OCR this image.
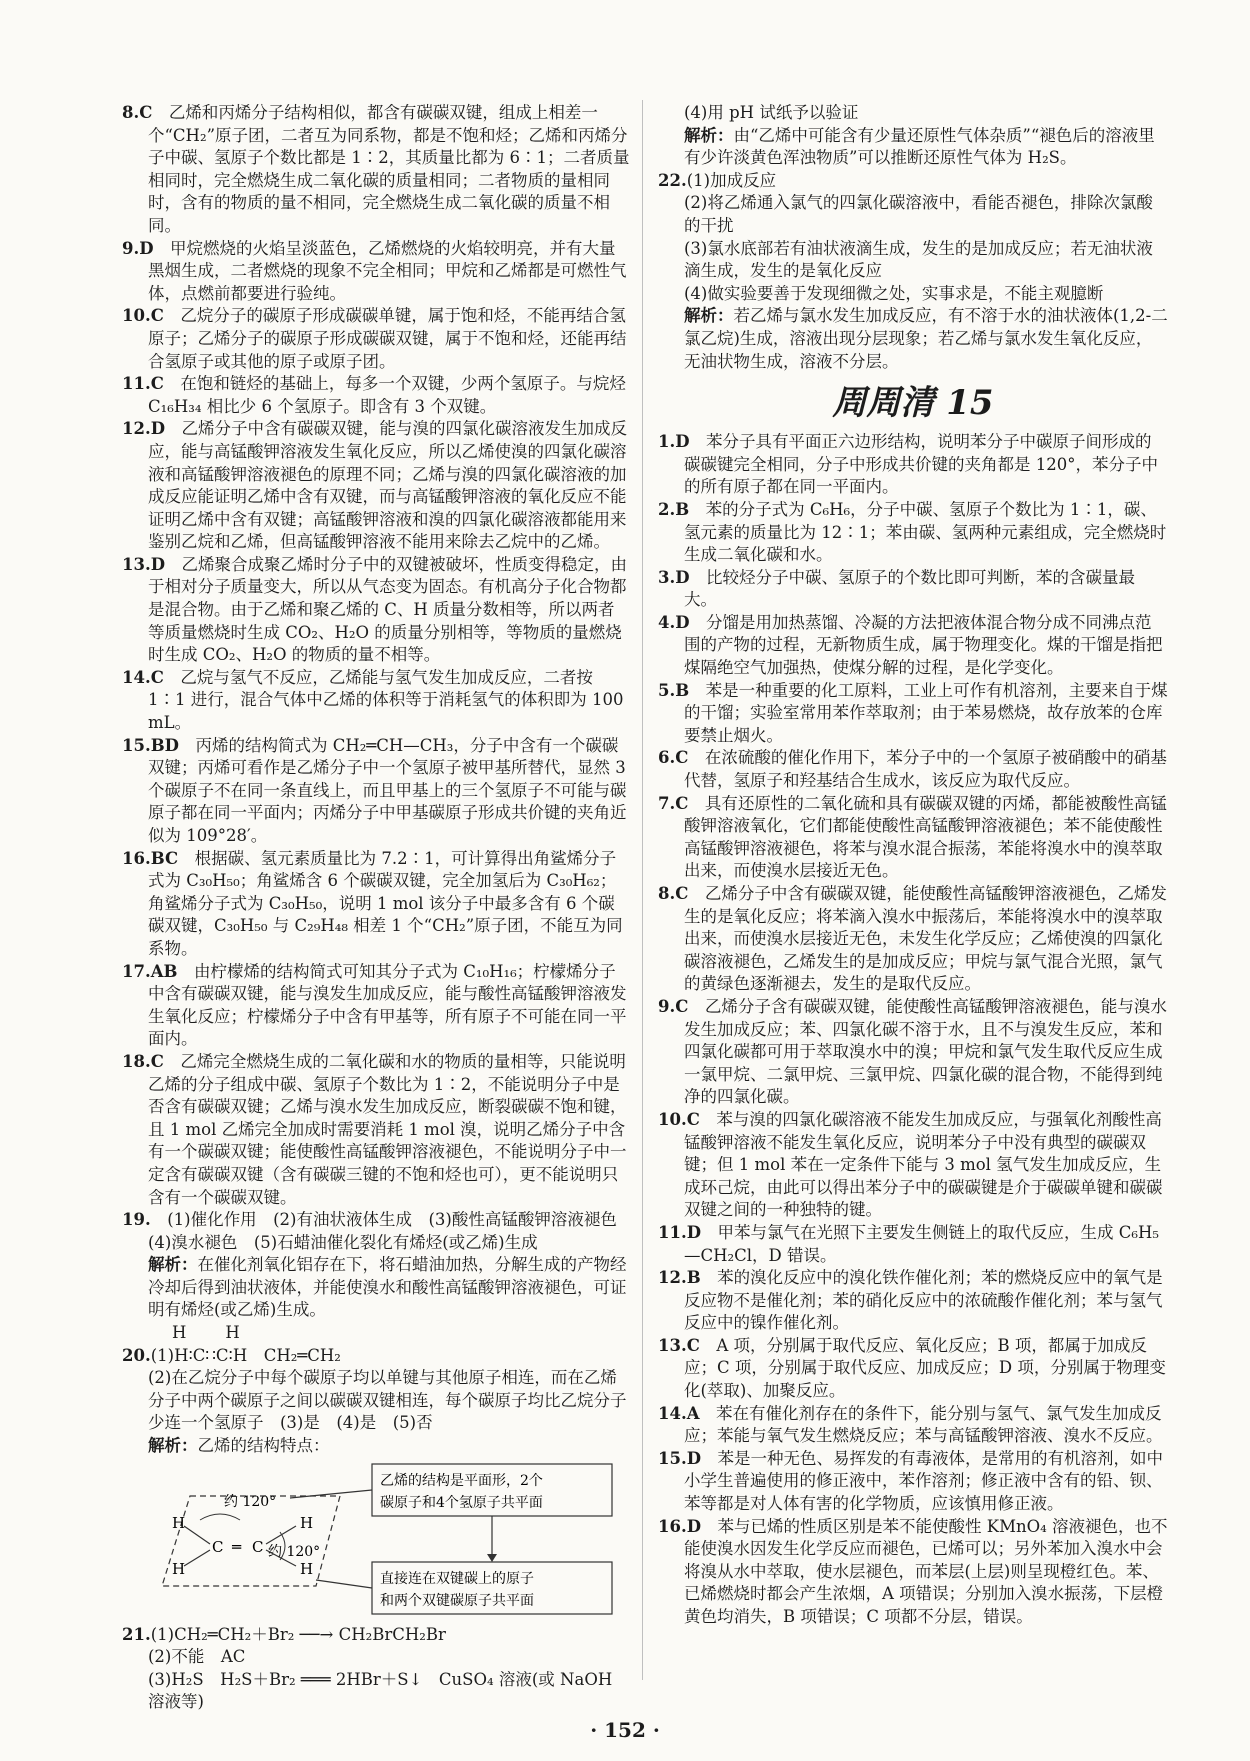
8.C　 乙烯和丙烯分子结构相似，都含有碳碳双键，组成上相差一个“CH₂”原子团，二者互为同系物，都是不饱和烃；乙烯和丙烯分子中碳、氢原子个数比都是 1∶2，其质量比都为 6∶1；二者质量相同时，完全燃烧生成二氧化碳的质量相同；二者物质的量相同时，含有的物质的量不相同，完全燃烧生成二氧化碳的质量不相同。

9.D　 甲烷燃烧的火焰呈淡蓝色，乙烯燃烧的火焰较明亮，并有大量黑烟生成，二者燃烧的现象不完全相同；甲烷和乙烯都是可燃性气体，点燃前都要进行验纯。

10.C　 乙烷分子的碳原子形成碳碳单键，属于饱和烃，不能再结合氢原子；乙烯分子的碳原子形成碳碳双键，属于不饱和烃，还能再结合氢原子或其他的原子或原子团。

11.C　 在饱和链烃的基础上，每多一个双键，少两个氢原子。与烷烃 C₁₆H₃₄ 相比少 6 个氢原子。即含有 3 个双键。

12.D　 乙烯分子中含有碳碳双键，能与溴的四氯化碳溶液发生加成反应，能与高锰酸钾溶液发生氧化反应，所以乙烯使溴的四氯化碳溶液和高锰酸钾溶液褪色的原理不同；乙烯与溴的四氯化碳溶液的加成反应能证明乙烯中含有双键，而与高锰酸钾溶液的氧化反应不能证明乙烯中含有双键；高锰酸钾溶液和溴的四氯化碳溶液都能用来鉴别乙烷和乙烯，但高锰酸钾溶液不能用来除去乙烷中的乙烯。

13.D　 乙烯聚合成聚乙烯时分子中的双键被破坏，性质变得稳定，由于相对分子质量变大，所以从气态变为固态。有机高分子化合物都是混合物。由于乙烯和聚乙烯的 C、H 质量分数相等，所以两者等质量燃烧时生成 CO₂、H₂O 的质量分别相等，等物质的量燃烧时生成 CO₂、H₂O 的物质的量不相等。

14.C　 乙烷与氢气不反应，乙烯能与氢气发生加成反应，二者按 1∶1 进行，混合气体中乙烯的体积等于消耗氢气的体积即为 100 mL。

15.BD　 丙烯的结构简式为 CH₂═CH—CH₃，分子中含有一个碳碳双键；丙烯可看作是乙烯分子中一个氢原子被甲基所替代，显然 3 个碳原子不在同一条直线上，而且甲基上的三个氢原子不可能与碳原子都在同一平面内；丙烯分子中甲基碳原子形成共价键的夹角近似为 109°28′。

16.BC　 根据碳、氢元素质量比为 7.2∶1，可计算得出角鲨烯分子式为 C₃₀H₅₀；角鲨烯含 6 个碳碳双键，完全加氢后为 C₃₀H₆₂；角鲨烯分子式为 C₃₀H₅₀，说明 1 mol 该分子中最多含有 6 个碳碳双键，C₃₀H₅₀ 与 C₂₉H₄₈ 相差 1 个“CH₂”原子团，不能互为同系物。

17.AB　 由柠檬烯的结构简式可知其分子式为 C₁₀H₁₆；柠檬烯分子中含有碳碳双键，能与溴发生加成反应，能与酸性高锰酸钾溶液发生氧化反应；柠檬烯分子中含有甲基等，所有原子不可能在同一平面内。

18.C　 乙烯完全燃烧生成的二氧化碳和水的物质的量相等，只能说明乙烯的分子组成中碳、氢原子个数比为 1∶2，不能说明分子中是否含有碳碳双键；乙烯与溴水发生加成反应，断裂碳碳不饱和键，且 1 mol 乙烯完全加成时需要消耗 1 mol 溴，说明乙烯分子中含有一个碳碳双键；能使酸性高锰酸钾溶液褪色，不能说明分子中一定含有碳碳双键（含有碳碳三键的不饱和烃也可），更不能说明只含有一个碳碳双键。

19.　 (1)催化作用　(2)有油状液体生成　(3)酸性高锰酸钾溶液褪色　(4)溴水褪色　(5)石蜡油催化裂化有烯烃(或乙烯)生成

解析：在催化剂氧化铝存在下，将石蜡油加热，分解生成的产物经冷却后得到油状液体，并能使溴水和酸性高锰酸钾溶液褪色，可证明有烯烃(或乙烯)生成。

H　　H

20.(1)H∶C∷C∶H　CH₂═CH₂

(2)在乙烷分子中每个碳原子均以单键与其他原子相连，而在乙烯分子中两个碳原子之间以碳碳双键相连，每个碳原子均比乙烷分子少连一个氢原子　(3)是　(4)是　(5)否

解析：乙烯的结构特点：

约 120°
约 120°
H
H
H
H
C ═ C
乙烯的结构是平面形，2个
碳原子和4个氢原子共平面
直接连在双键碳上的原子
和两个双键碳原子共平面

21.(1)CH₂═CH₂＋Br₂ ──→ CH₂BrCH₂Br

(2)不能　AC

(3)H₂S　H₂S＋Br₂ ═══ 2HBr＋S↓　CuSO₄ 溶液(或 NaOH 溶液等)

(4)用 pH 试纸予以验证

解析：由“乙烯中可能含有少量还原性气体杂质”“褪色后的溶液里有少许淡黄色浑浊物质”可以推断还原性气体为 H₂S。

22.(1)加成反应

(2)将乙烯通入氯气的四氯化碳溶液中，看能否褪色，排除次氯酸的干扰

(3)氯水底部若有油状液滴生成，发生的是加成反应；若无油状液滴生成，发生的是氧化反应

(4)做实验要善于发现细微之处，实事求是，不能主观臆断

解析：若乙烯与氯水发生加成反应，有不溶于水的油状液体(1,2-二氯乙烷)生成，溶液出现分层现象；若乙烯与氯水发生氧化反应，无油状物生成，溶液不分层。

周周清 15

1.D　 苯分子具有平面正六边形结构，说明苯分子中碳原子间形成的碳碳键完全相同，分子中形成共价键的夹角都是 120°，苯分子中的所有原子都在同一平面内。

2.B　 苯的分子式为 C₆H₆，分子中碳、氢原子个数比为 1∶1，碳、氢元素的质量比为 12∶1；苯由碳、氢两种元素组成，完全燃烧时生成二氧化碳和水。

3.D　 比较烃分子中碳、氢原子的个数比即可判断，苯的含碳量最大。

4.D　 分馏是用加热蒸馏、冷凝的方法把液体混合物分成不同沸点范围的产物的过程，无新物质生成，属于物理变化。煤的干馏是指把煤隔绝空气加强热，使煤分解的过程，是化学变化。

5.B　 苯是一种重要的化工原料，工业上可作有机溶剂，主要来自于煤的干馏；实验室常用苯作萃取剂；由于苯易燃烧，故存放苯的仓库要禁止烟火。

6.C　 在浓硫酸的催化作用下，苯分子中的一个氢原子被硝酸中的硝基代替，氢原子和羟基结合生成水，该反应为取代反应。

7.C　 具有还原性的二氧化硫和具有碳碳双键的丙烯，都能被酸性高锰酸钾溶液氧化，它们都能使酸性高锰酸钾溶液褪色；苯不能使酸性高锰酸钾溶液褪色，将苯与溴水混合振荡，苯能将溴水中的溴萃取出来，而使溴水层接近无色。

8.C　 乙烯分子中含有碳碳双键，能使酸性高锰酸钾溶液褪色，乙烯发生的是氧化反应；将苯滴入溴水中振荡后，苯能将溴水中的溴萃取出来，而使溴水层接近无色，未发生化学反应；乙烯使溴的四氯化碳溶液褪色，乙烯发生的是加成反应；甲烷与氯气混合光照，氯气的黄绿色逐渐褪去，发生的是取代反应。

9.C　 乙烯分子含有碳碳双键，能使酸性高锰酸钾溶液褪色，能与溴水发生加成反应；苯、四氯化碳不溶于水，且不与溴发生反应，苯和四氯化碳都可用于萃取溴水中的溴；甲烷和氯气发生取代反应生成一氯甲烷、二氯甲烷、三氯甲烷、四氯化碳的混合物，不能得到纯净的四氯化碳。

10.C　 苯与溴的四氯化碳溶液不能发生加成反应，与强氧化剂酸性高锰酸钾溶液不能发生氧化反应，说明苯分子中没有典型的碳碳双键；但 1 mol 苯在一定条件下能与 3 mol 氢气发生加成反应，生成环己烷，由此可以得出苯分子中的碳碳键是介于碳碳单键和碳碳双键之间的一种独特的键。

11.D　 甲苯与氯气在光照下主要发生侧链上的取代反应，生成 C₆H₅—CH₂Cl，D 错误。

12.B　 苯的溴化反应中的溴化铁作催化剂；苯的燃烧反应中的氧气是反应物不是催化剂；苯的硝化反应中的浓硫酸作催化剂；苯与氢气反应中的镍作催化剂。

13.C　 A 项，分别属于取代反应、氧化反应；B 项，都属于加成反应；C 项，分别属于取代反应、加成反应；D 项，分别属于物理变化(萃取)、加聚反应。

14.A　 苯在有催化剂存在的条件下，能分别与氢气、氯气发生加成反应；苯能与氧气发生燃烧反应；苯与高锰酸钾溶液、溴水不反应。

15.D　 苯是一种无色、易挥发的有毒液体，是常用的有机溶剂，如中小学生普遍使用的修正液中，苯作溶剂；修正液中含有的铅、钡、苯等都是对人体有害的化学物质，应该慎用修正液。

16.D　 苯与已烯的性质区别是苯不能使酸性 KMnO₄ 溶液褪色，也不能使溴水因发生化学反应而褪色，已烯可以；另外苯加入溴水中会将溴从水中萃取，使水层褪色，而苯层(上层)则呈现橙红色。苯、已烯燃烧时都会产生浓烟，A 项错误；分别加入溴水振荡，下层橙黄色均消失，B 项错误；C 项都不分层，错误。

· 152 ·
